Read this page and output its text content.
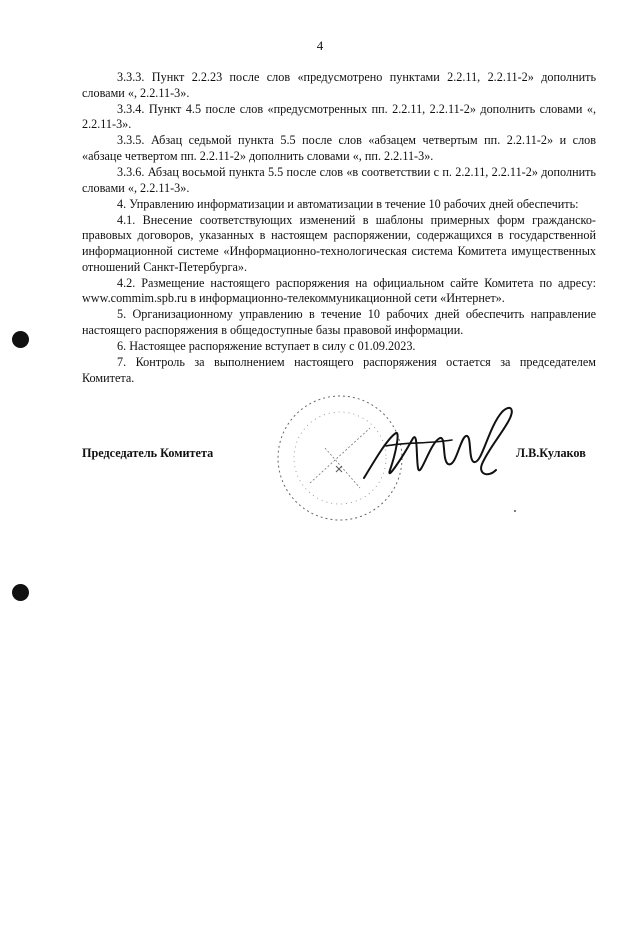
4

3.3.3. Пункт 2.2.23 после слов «предусмотрено пунктами 2.2.11, 2.2.11-2» дополнить словами «, 2.2.11-3».

3.3.4. Пункт 4.5 после слов «предусмотренных пп. 2.2.11, 2.2.11-2» дополнить словами «, 2.2.11-3».

3.3.5. Абзац седьмой пункта 5.5 после слов «абзацем четвертым пп. 2.2.11-2» и слов «абзаце четвертом пп. 2.2.11-2» дополнить словами «, пп. 2.2.11-3».

3.3.6. Абзац восьмой пункта 5.5 после слов «в соответствии с п. 2.2.11, 2.2.11-2» дополнить словами «, 2.2.11-3».

4. Управлению информатизации и автоматизации в течение 10 рабочих дней обеспечить:

4.1. Внесение соответствующих изменений в шаблоны примерных форм гражданско-правовых договоров, указанных в настоящем распоряжении, содержащихся в государственной информационной системе «Информационно-технологическая система Комитета имущественных отношений Санкт-Петербурга».

4.2. Размещение настоящего распоряжения на официальном сайте Комитета по адресу: www.commim.spb.ru в информационно-телекоммуникационной сети «Интернет».

5. Организационному управлению в течение 10 рабочих дней обеспечить направление настоящего распоряжения в общедоступные базы правовой информации.

6. Настоящее распоряжение вступает в силу с 01.09.2023.

7. Контроль за выполнением настоящего распоряжения остается за председателем Комитета.

Председатель Комитета	Л.В.Кулаков
